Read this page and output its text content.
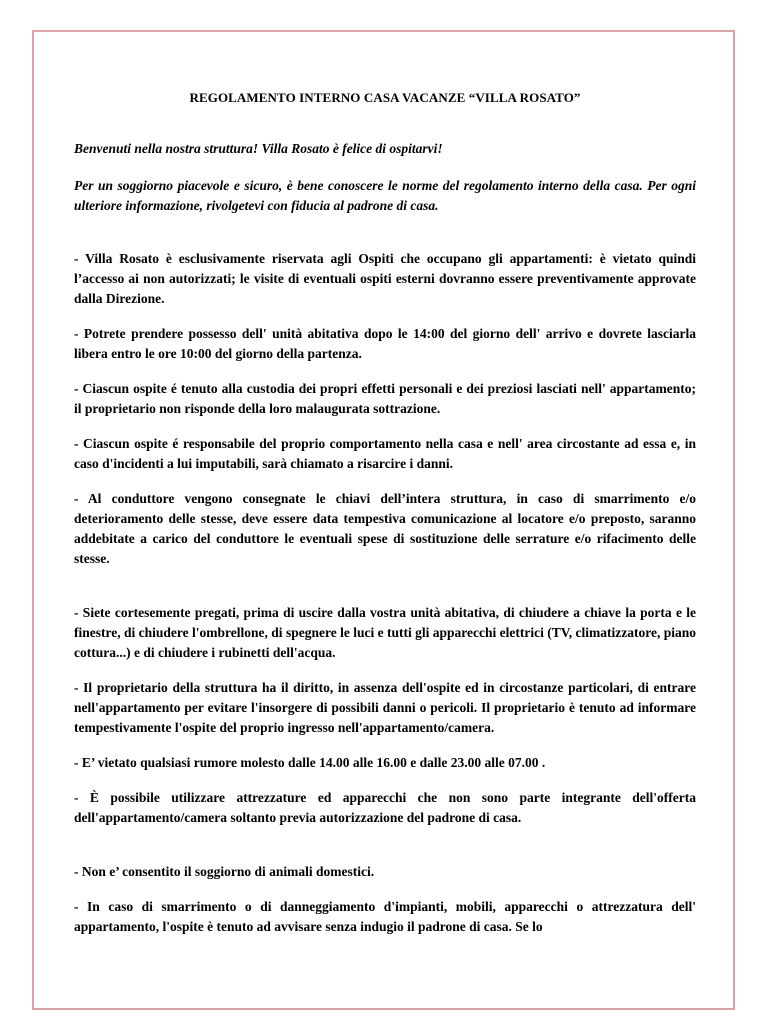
REGOLAMENTO INTERNO CASA VACANZE “VILLA ROSATO”

Benvenuti nella nostra struttura! Villa Rosato è felice di ospitarvi!

Per un soggiorno piacevole e sicuro, è bene conoscere le norme del regolamento interno della casa. Per ogni ulteriore informazione, rivolgetevi con fiducia al padrone di casa.

- Villa Rosato è esclusivamente riservata agli Ospiti che occupano gli appartamenti: è vietato quindi l’accesso ai non autorizzati; le visite di eventuali ospiti esterni dovranno essere preventivamente approvate dalla Direzione.

- Potrete prendere possesso dell' unità abitativa dopo le 14:00 del giorno dell' arrivo e dovrete lasciarla libera entro le ore 10:00 del giorno della partenza.

- Ciascun ospite é tenuto alla custodia dei propri effetti personali e dei preziosi lasciati nell' appartamento; il proprietario non risponde della loro malaugurata sottrazione.

- Ciascun ospite é responsabile del proprio comportamento nella casa e nell' area circostante ad essa e, in caso d'incidenti a lui imputabili, sarà chiamato a risarcire i danni.

- Al conduttore vengono consegnate le chiavi dell’intera struttura, in caso di smarrimento e/o deterioramento delle stesse, deve essere data tempestiva comunicazione al locatore e/o preposto, saranno addebitate a carico del conduttore le eventuali spese di sostituzione delle serrature e/o rifacimento delle stesse.

- Siete cortesemente pregati, prima di uscire dalla vostra unità abitativa, di chiudere a chiave la porta e le finestre, di chiudere l'ombrellone, di spegnere le luci e tutti gli apparecchi elettrici (TV, climatizzatore, piano cottura...) e di chiudere i rubinetti dell'acqua.

- Il proprietario della struttura ha il diritto, in assenza dell'ospite ed in circostanze particolari, di entrare nell'appartamento per evitare l'insorgere di possibili danni o pericoli. Il proprietario è tenuto ad informare tempestivamente l'ospite del proprio ingresso nell'appartamento/camera.

- E’ vietato qualsiasi rumore molesto dalle 14.00 alle 16.00 e dalle 23.00 alle 07.00 .

- È possibile utilizzare attrezzature ed apparecchi che non sono parte integrante dell'offerta dell'appartamento/camera soltanto previa autorizzazione del padrone di casa.

- Non e’ consentito il soggiorno di animali domestici.

- In caso di smarrimento o di danneggiamento d'impianti, mobili, apparecchi o attrezzatura dell' appartamento, l'ospite è tenuto ad avvisare senza indugio il padrone di casa. Se lo
